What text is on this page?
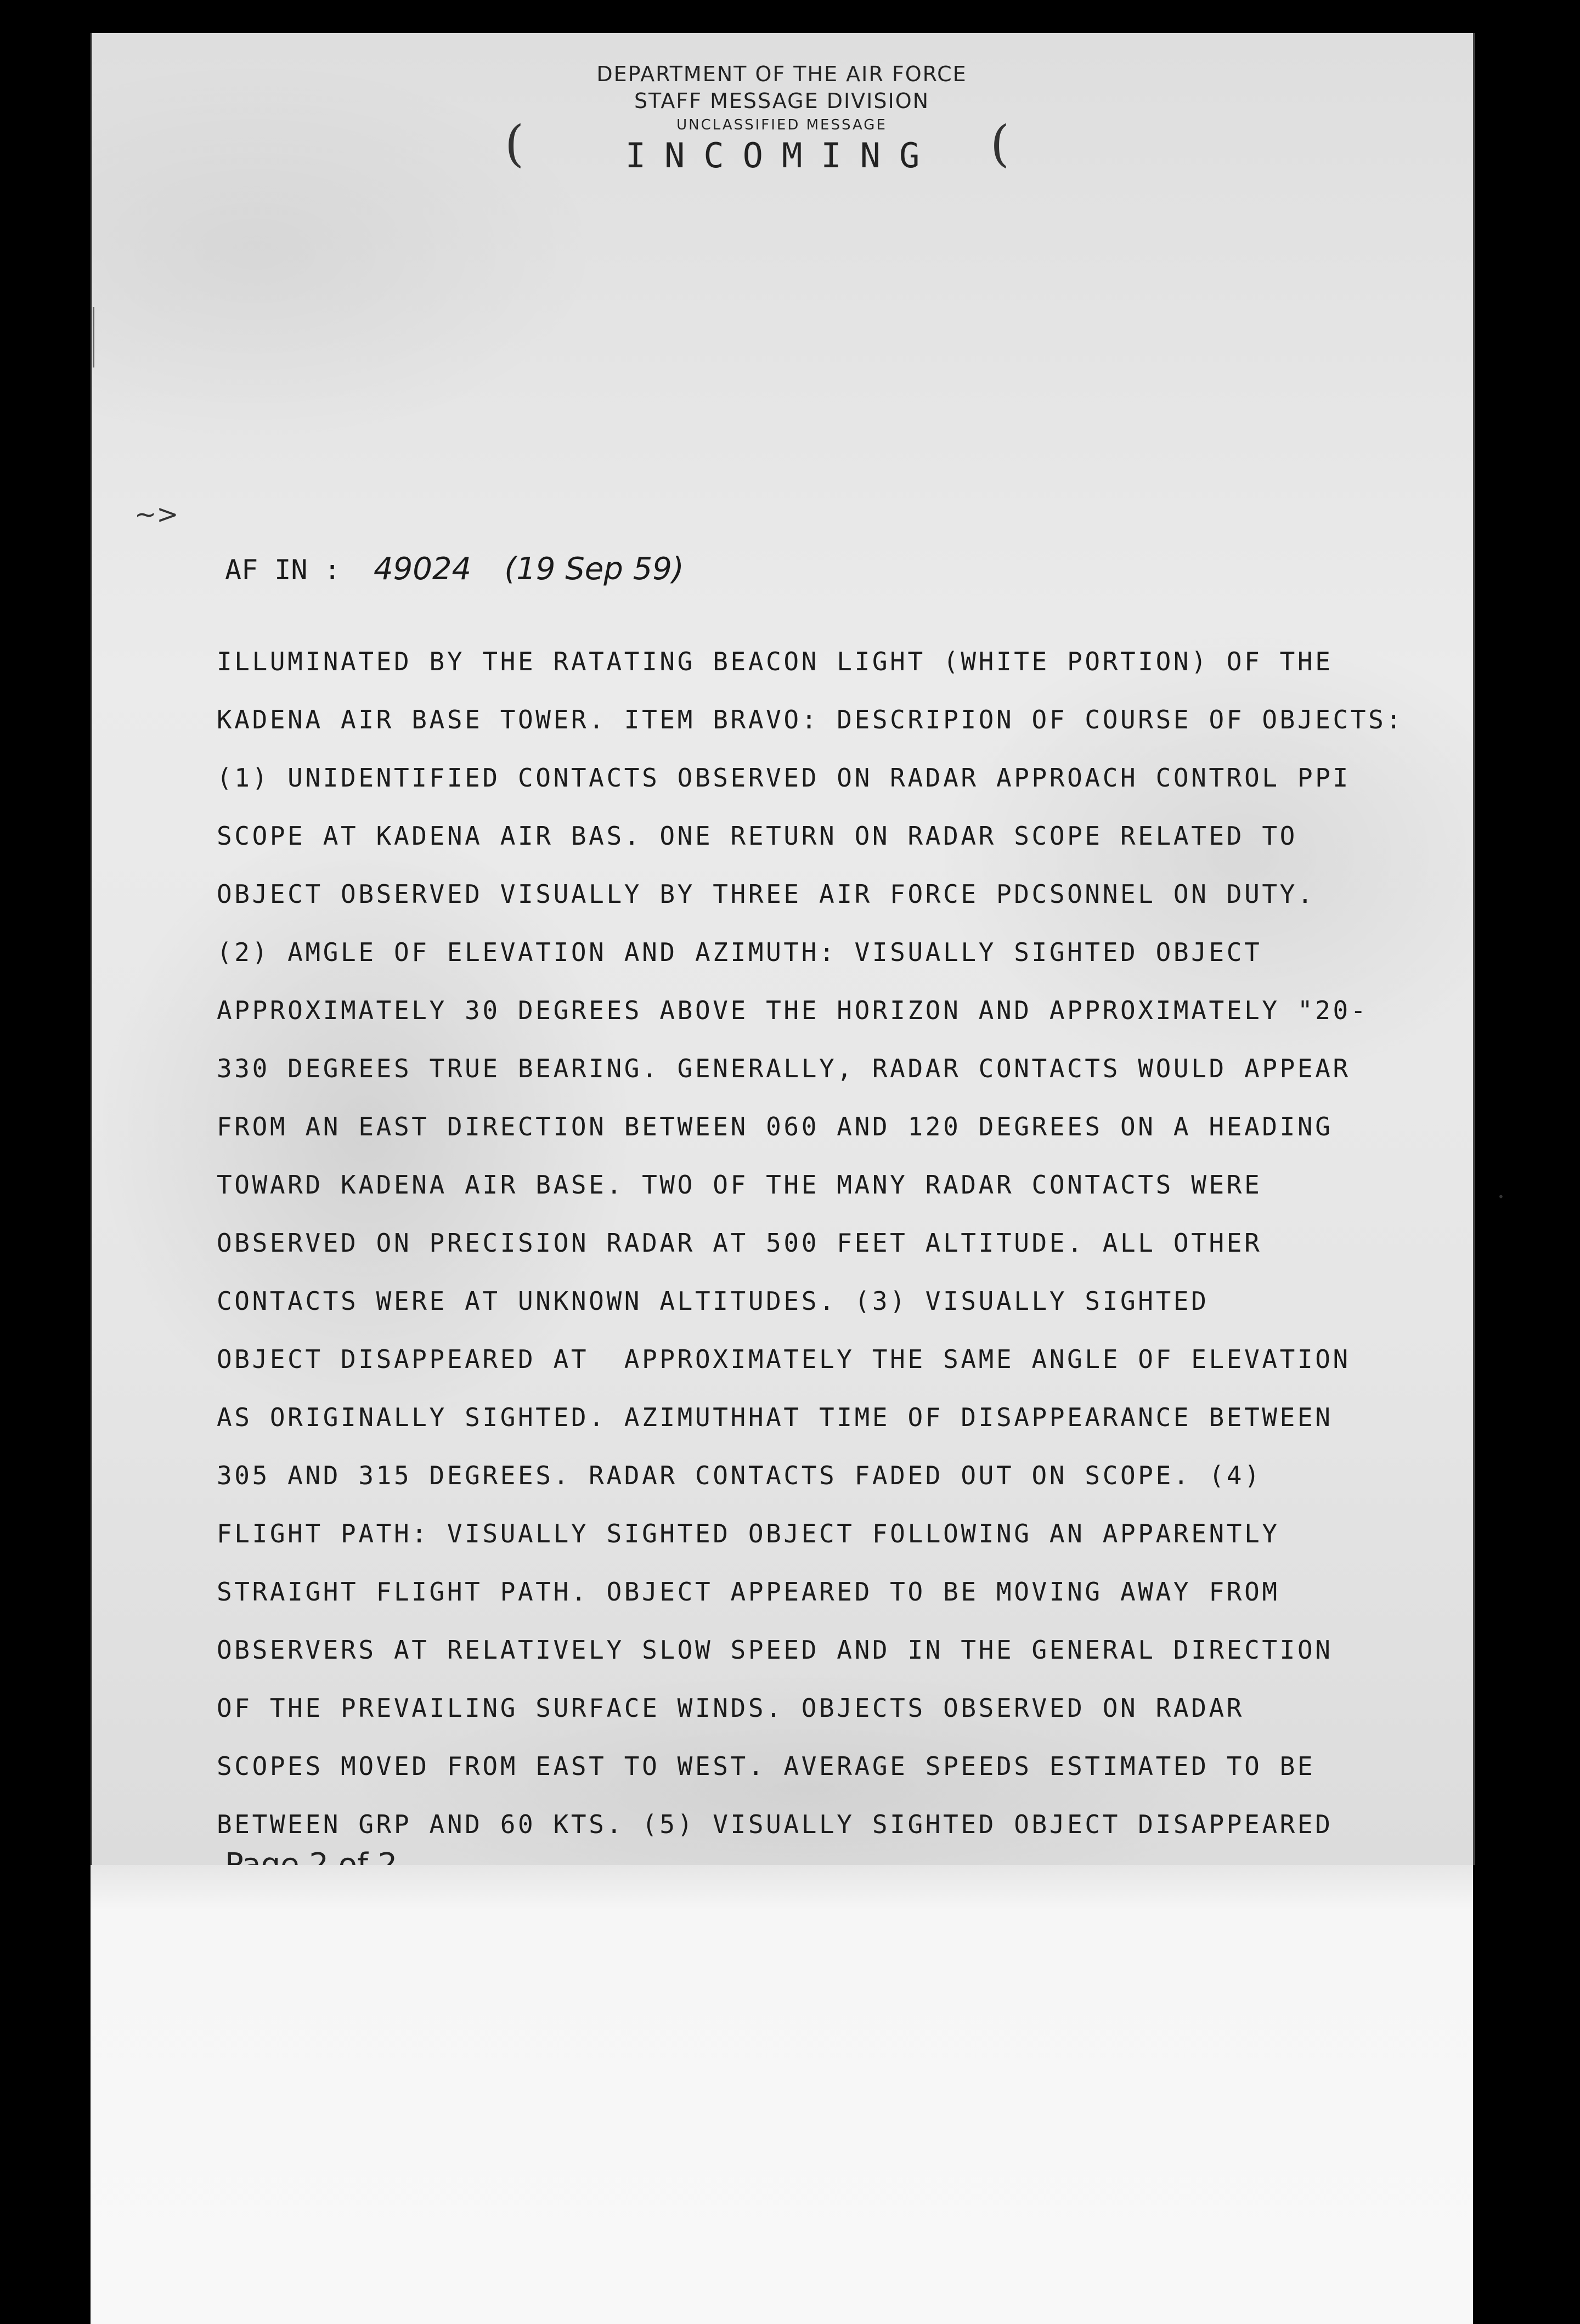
DEPARTMENT OF THE AIR FORCE
STAFF MESSAGE DIVISION
UNCLASSIFIED MESSAGE
INCOMING
(	(
~>
AF IN : 49024 (19 Sep 59)
ILLUMINATED BY THE RATATING BEACON LIGHT (WHITE PORTION) OF THE
KADENA AIR BASE TOWER. ITEM BRAVO: DESCRIPION OF COURSE OF OBJECTS:
(1) UNIDENTIFIED CONTACTS OBSERVED ON RADAR APPROACH CONTROL PPI
SCOPE AT KADENA AIR BAS. ONE RETURN ON RADAR SCOPE RELATED TO
OBJECT OBSERVED VISUALLY BY THREE AIR FORCE PDCSONNEL ON DUTY.
(2) AMGLE OF ELEVATION AND AZIMUTH: VISUALLY SIGHTED OBJECT
APPROXIMATELY 30 DEGREES ABOVE THE HORIZON AND APPROXIMATELY "20-
330 DEGREES TRUE BEARING. GENERALLY, RADAR CONTACTS WOULD APPEAR
FROM AN EAST DIRECTION BETWEEN 060 AND 120 DEGREES ON A HEADING
TOWARD KADENA AIR BASE. TWO OF THE MANY RADAR CONTACTS WERE
OBSERVED ON PRECISION RADAR AT 500 FEET ALTITUDE. ALL OTHER
CONTACTS WERE AT UNKNOWN ALTITUDES. (3) VISUALLY SIGHTED
OBJECT DISAPPEARED AT  APPROXIMATELY THE SAME ANGLE OF ELEVATION
AS ORIGINALLY SIGHTED. AZIMUTHHAT TIME OF DISAPPEARANCE BETWEEN
305 AND 315 DEGREES. RADAR CONTACTS FADED OUT ON SCOPE. (4)
FLIGHT PATH: VISUALLY SIGHTED OBJECT FOLLOWING AN APPARENTLY
STRAIGHT FLIGHT PATH. OBJECT APPEARED TO BE MOVING AWAY FROM
OBSERVERS AT RELATIVELY SLOW SPEED AND IN THE GENERAL DIRECTION
OF THE PREVAILING SURFACE WINDS. OBJECTS OBSERVED ON RADAR
SCOPES MOVED FROM EAST TO WEST. AVERAGE SPEEDS ESTIMATED TO BE
BETWEEN GRP AND 60 KTS. (5) VISUALLY SIGHTED OBJECT DISAPPEARED
•
